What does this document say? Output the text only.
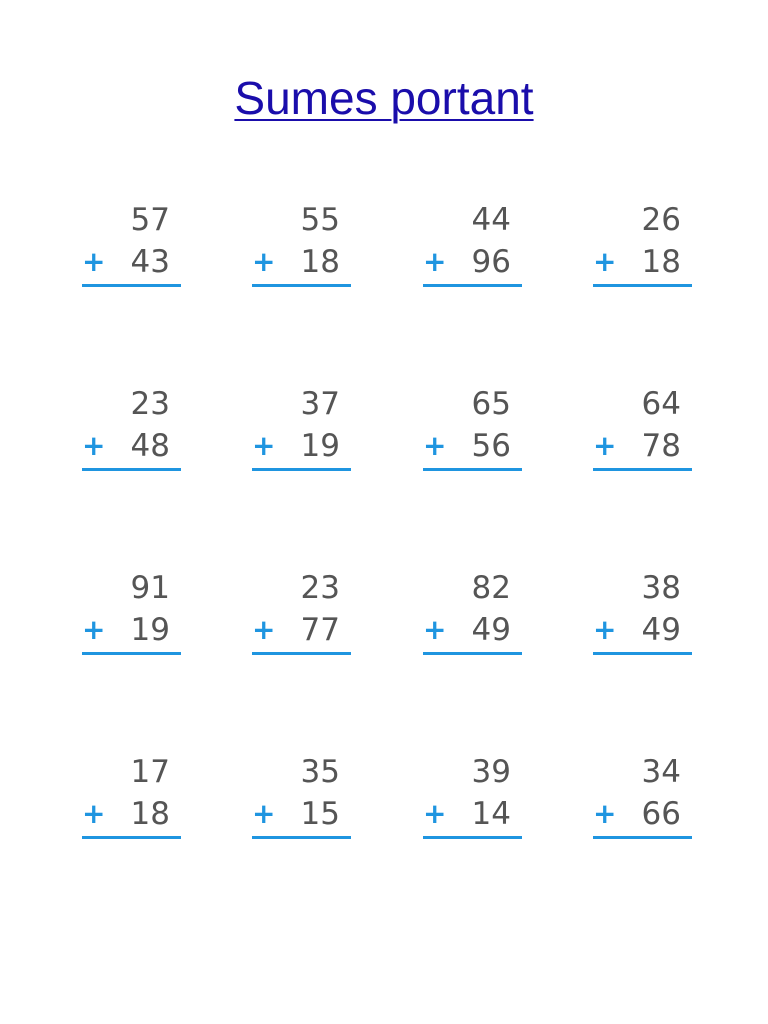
Sumes portant
57
+ 43
55
+ 18
44
+ 96
26
+ 18
23
+ 48
37
+ 19
65
+ 56
64
+ 78
91
+ 19
23
+ 77
82
+ 49
38
+ 49
17
+ 18
35
+ 15
39
+ 14
34
+ 66
